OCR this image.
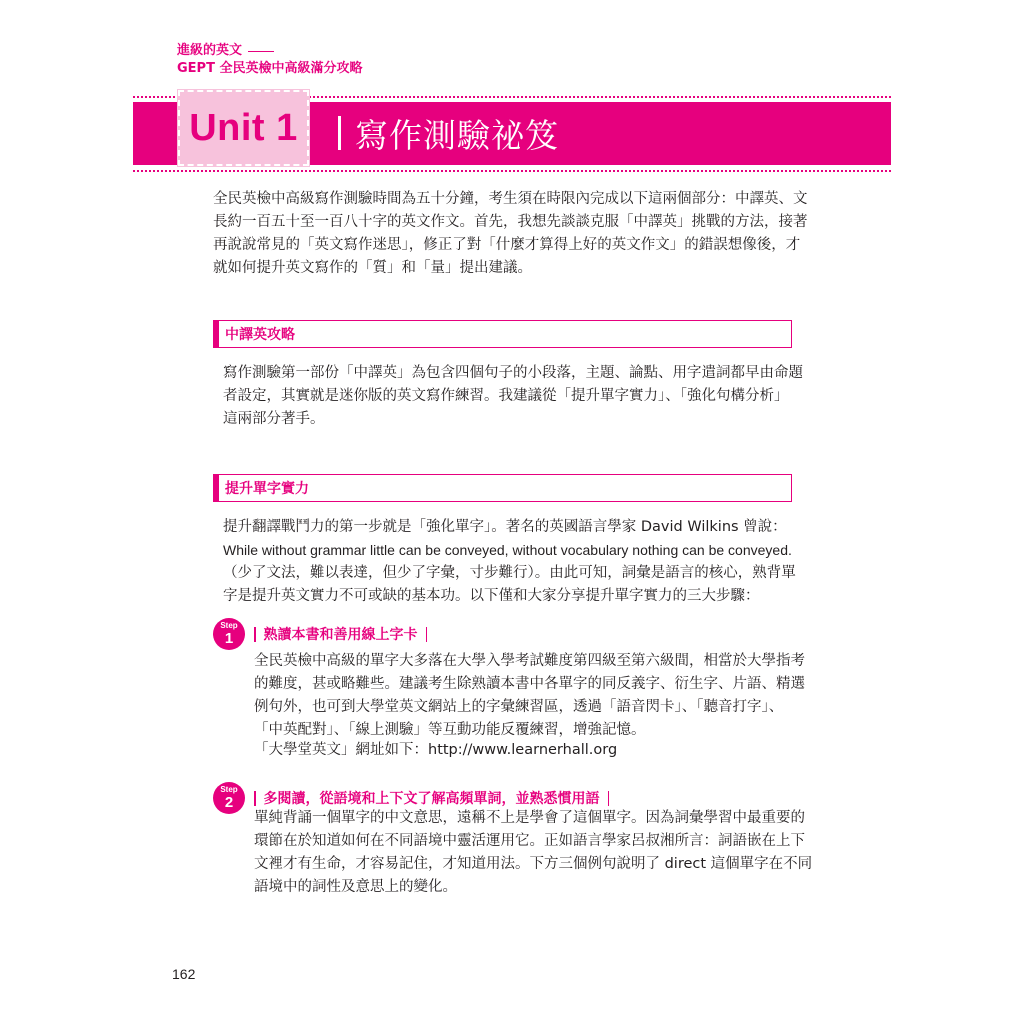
進級的英文
GEPT 全民英檢中高級滿分攻略
Unit 1 寫作測驗祕笈
全民英檢中高級寫作測驗時間為五十分鐘，考生須在時限內完成以下這兩個部分：中譯英、文
長約一百五十至一百八十字的英文作文。首先，我想先談談克服「中譯英」挑戰的方法，接著
再說說常見的「英文寫作迷思」，修正了對「什麼才算得上好的英文作文」的錯誤想像後，才
就如何提升英文寫作的「質」和「量」提出建議。
中譯英攻略
寫作測驗第一部份「中譯英」為包含四個句子的小段落，主題、論點、用字遣詞都早由命題
者設定，其實就是迷你版的英文寫作練習。我建議從「提升單字實力」、「強化句構分析」
這兩部分著手。
提升單字實力
提升翻譯戰鬥力的第一步就是「強化單字」。著名的英國語言學家 David Wilkins 曾說：
While without grammar little can be conveyed, without vocabulary nothing can be conveyed.
（少了文法，難以表達，但少了字彙，寸步難行）。由此可知，詞彙是語言的核心，熟背單
字是提升英文實力不可或缺的基本功。以下僅和大家分享提升單字實力的三大步驟：
Step
1 熟讀本書和善用線上字卡
全民英檢中高級的單字大多落在大學入學考試難度第四級至第六級間，相當於大學指考
的難度，甚或略難些。建議考生除熟讀本書中各單字的同反義字、衍生字、片語、精選
例句外，也可到大學堂英文網站上的字彙練習區，透過「語音閃卡」、「聽音打字」、
「中英配對」、「線上測驗」等互動功能反覆練習，增強記憶。
「大學堂英文」網址如下：http://www.learnerhall.org
Step
2 多閱讀，從語境和上下文了解高頻單詞，並熟悉慣用語
單純背誦一個單字的中文意思，遠稱不上是學會了這個單字。因為詞彙學習中最重要的
環節在於知道如何在不同語境中靈活運用它。正如語言學家呂叔湘所言：詞語嵌在上下
文裡才有生命，才容易記住，才知道用法。下方三個例句說明了 direct 這個單字在不同
語境中的詞性及意思上的變化。
162
